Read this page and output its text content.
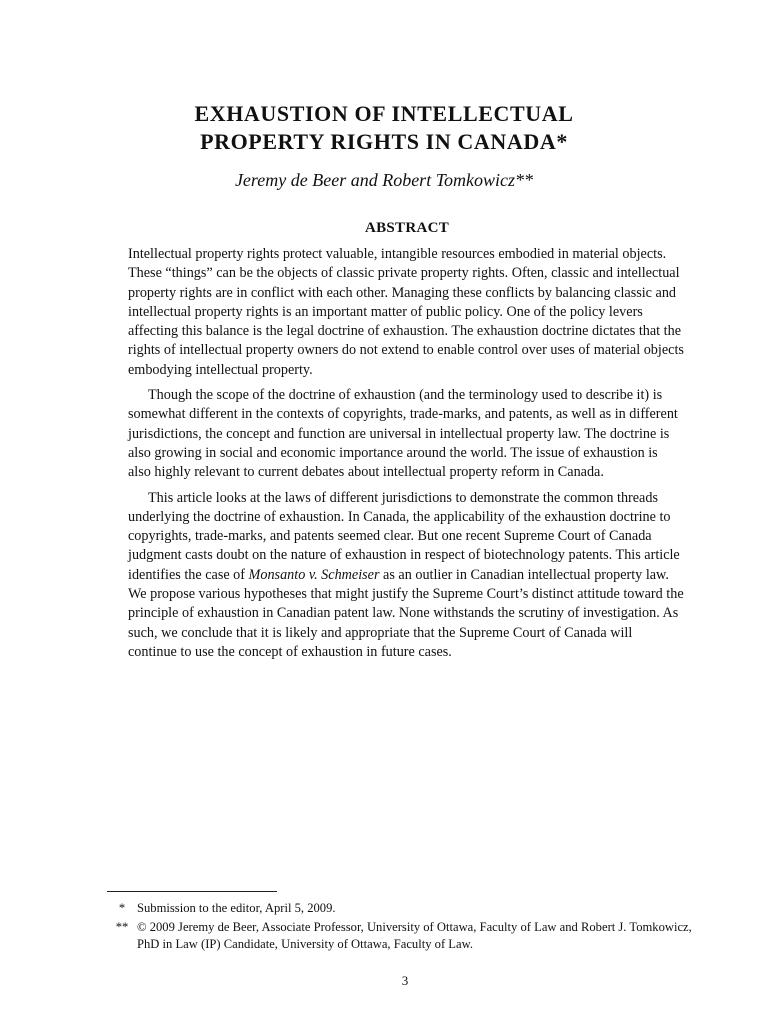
EXHAUSTION OF INTELLECTUAL
PROPERTY RIGHTS IN CANADA*
Jeremy de Beer and Robert Tomkowicz**
ABSTRACT

Intellectual property rights protect valuable, intangible resources embodied in material objects. These “things” can be the objects of classic private property rights. Often, classic and intellectual property rights are in conflict with each other. Managing these conflicts by balancing classic and intellectual property rights is an important matter of public policy. One of the policy levers affecting this balance is the legal doctrine of exhaustion. The exhaustion doctrine dictates that the rights of intellectual property owners do not extend to enable control over uses of material objects embodying intellectual property.

Though the scope of the doctrine of exhaustion (and the terminology used to describe it) is somewhat different in the contexts of copyrights, trade-marks, and patents, as well as in different jurisdictions, the concept and function are universal in intellectual property law. The doctrine is also growing in social and economic importance around the world. The issue of exhaustion is also highly relevant to current debates about intellectual property reform in Canada.

This article looks at the laws of different jurisdictions to demonstrate the common threads underlying the doctrine of exhaustion. In Canada, the applicability of the exhaustion doctrine to copyrights, trade-marks, and patents seemed clear. But one recent Supreme Court of Canada judgment casts doubt on the nature of exhaustion in respect of biotechnology patents. This article identifies the case of Monsanto v. Schmeiser as an outlier in Canadian intellectual property law. We propose various hypotheses that might justify the Supreme Court’s distinct attitude toward the principle of exhaustion in Canadian patent law. None withstands the scrutiny of investigation. As such, we conclude that it is likely and appropriate that the Supreme Court of Canada will continue to use the concept of exhaustion in future cases.

* Submission to the editor, April 5, 2009.
** © 2009 Jeremy de Beer, Associate Professor, University of Ottawa, Faculty of Law and Robert J. Tomkowicz, PhD in Law (IP) Candidate, University of Ottawa, Faculty of Law.
3
